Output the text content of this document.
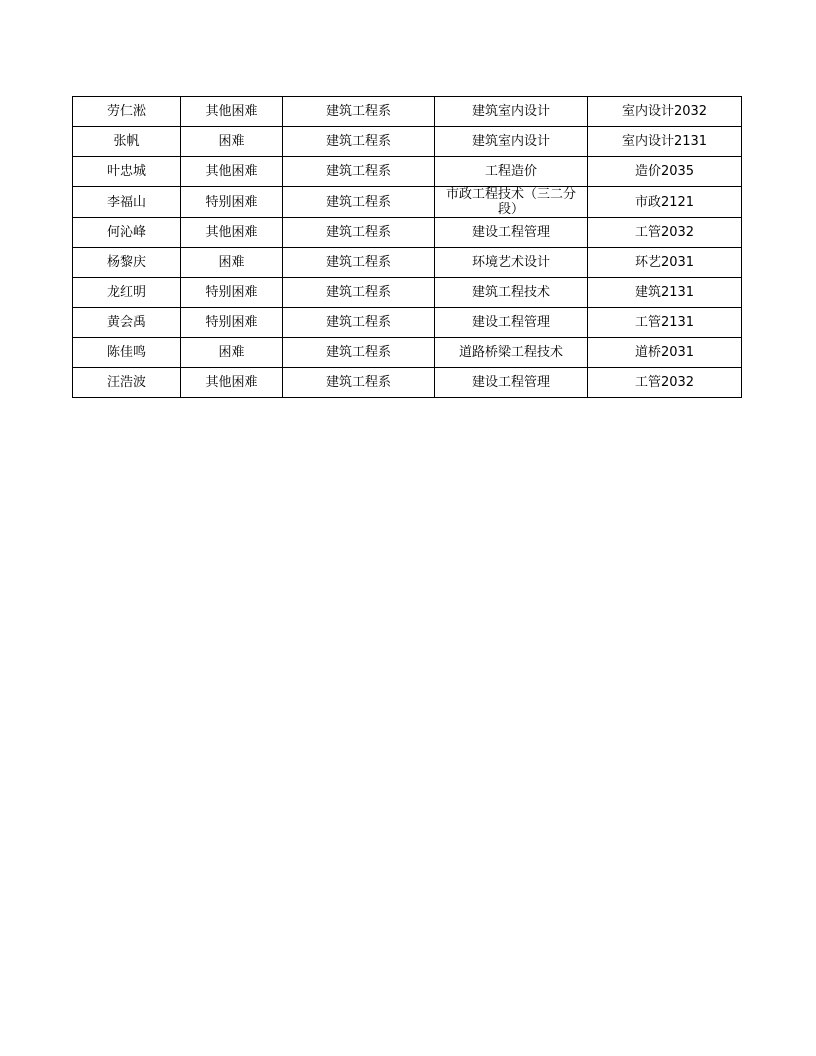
劳仁淞	其他困难	建筑工程系	建筑室内设计	室内设计2032
张帆	困难	建筑工程系	建筑室内设计	室内设计2131
叶忠城	其他困难	建筑工程系	工程造价	造价2035
李福山	特别困难	建筑工程系	市政工程技术（三二分段）	市政2121
何沁峰	其他困难	建筑工程系	建设工程管理	工管2032
杨黎庆	困难	建筑工程系	环境艺术设计	环艺2031
龙红明	特别困难	建筑工程系	建筑工程技术	建筑2131
黄会禹	特别困难	建筑工程系	建设工程管理	工管2131
陈佳鸣	困难	建筑工程系	道路桥梁工程技术	道桥2031
汪浩波	其他困难	建筑工程系	建设工程管理	工管2032
